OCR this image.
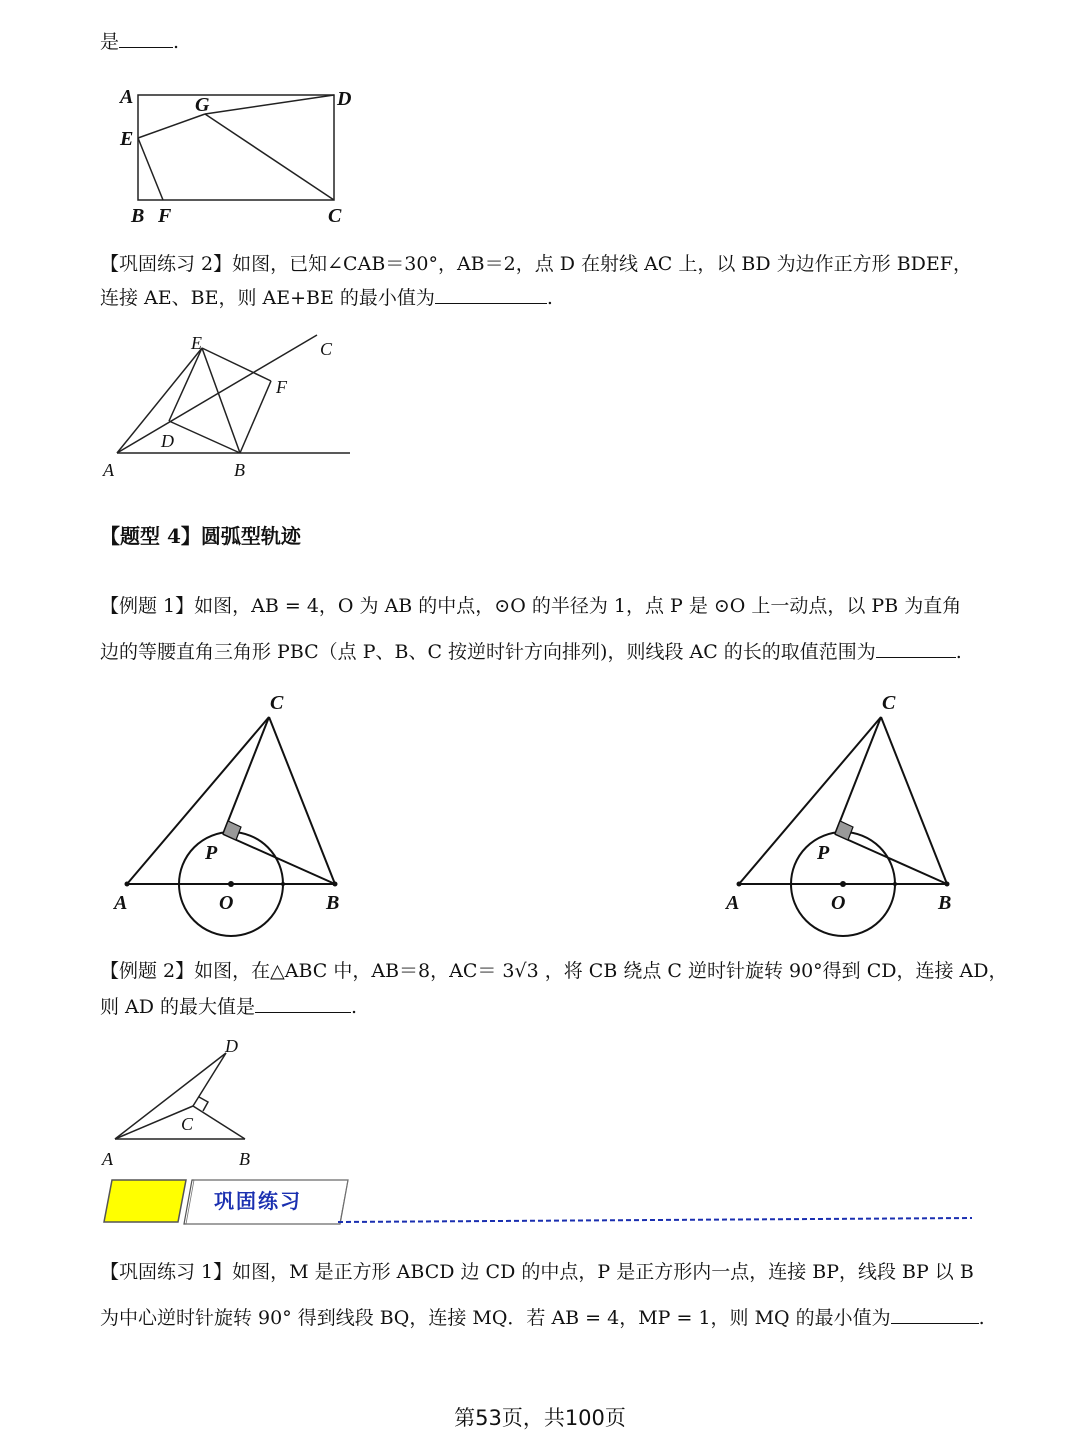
是	.
A	G	D
E
B F	C
【巩固练习 2】如图，已知∠CAB＝30°，AB＝2，点 D 在射线 AC 上，以 BD 为边作正方形 BDEF，
连接 AE、BE，则 AE+BE 的最小值为	.
E	C
F
D
A	B
【题型 4】圆弧型轨迹
【例题 1】如图，AB = 4，O 为 AB 的中点，⊙O 的半径为 1，点 P 是 ⊙O 上一动点，以 PB 为直角
边的等腰直角三角形 PBC（点 P、B、C 按逆时针方向排列)，则线段 AC 的长的取值范围为	.
C
P
A	O	B
C
P
A	O	B
【例题 2】如图，在△ABC 中，AB＝8，AC＝ 3√3 ，将 CB 绕点 C 逆时针旋转 90°得到 CD，连接 AD，
则 AD 的最大值是	.
D
C
A	B
巩固练习
【巩固练习 1】如图，M 是正方形 ABCD 边 CD 的中点，P 是正方形内一点，连接 BP，线段 BP 以 B
为中心逆时针旋转 90° 得到线段 BQ，连接 MQ．若 AB = 4，MP = 1，则 MQ 的最小值为	.
第53页，共100页
